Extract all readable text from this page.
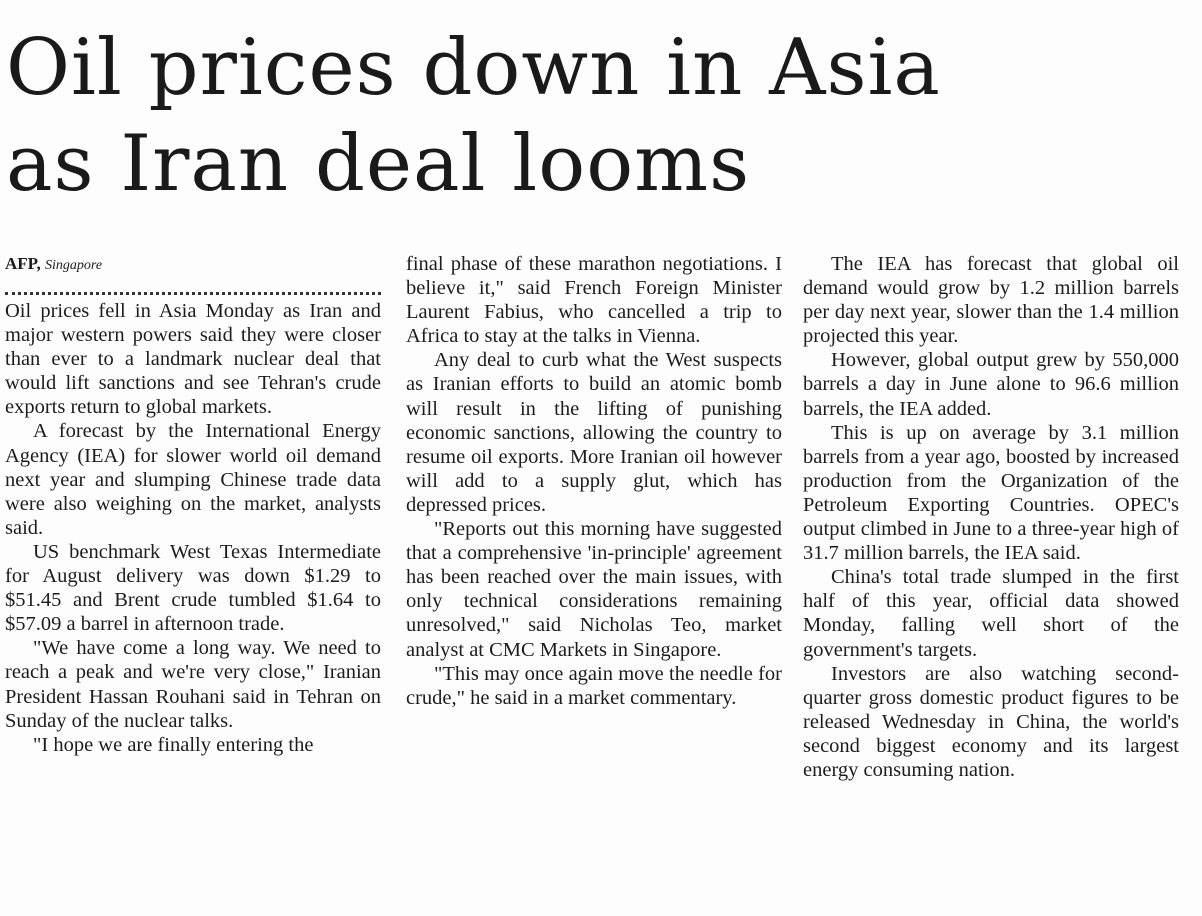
Oil prices down in Asia
as Iran deal looms
AFP, Singapore

Oil prices fell in Asia Monday as Iran and major western powers said they were closer than ever to a landmark nuclear deal that would lift sanctions and see Tehran's crude exports return to global markets.

A forecast by the International Energy Agency (IEA) for slower world oil demand next year and slumping Chinese trade data were also weighing on the market, analysts said.

US benchmark West Texas Intermediate for August delivery was down $1.29 to $51.45 and Brent crude tumbled $1.64 to $57.09 a barrel in afternoon trade.

"We have come a long way. We need to reach a peak and we're very close," Iranian President Hassan Rouhani said in Tehran on Sunday of the nuclear talks.

"I hope we are finally entering the

final phase of these marathon negotiations. I believe it," said French Foreign Minister Laurent Fabius, who cancelled a trip to Africa to stay at the talks in Vienna.

Any deal to curb what the West suspects as Iranian efforts to build an atomic bomb will result in the lifting of punishing economic sanctions, allowing the country to resume oil exports. More Iranian oil however will add to a supply glut, which has depressed prices.

"Reports out this morning have suggested that a comprehensive 'in-principle' agreement has been reached over the main issues, with only technical considerations remaining unresolved," said Nicholas Teo, market analyst at CMC Markets in Singapore.

"This may once again move the needle for crude," he said in a market commentary.

The IEA has forecast that global oil demand would grow by 1.2 million barrels per day next year, slower than the 1.4 million projected this year.

However, global output grew by 550,000 barrels a day in June alone to 96.6 million barrels, the IEA added.

This is up on average by 3.1 million barrels from a year ago, boosted by increased production from the Organization of the Petroleum Exporting Countries. OPEC's output climbed in June to a three-year high of 31.7 million barrels, the IEA said.

China's total trade slumped in the first half of this year, official data showed Monday, falling well short of the government's targets.

Investors are also watching second-quarter gross domestic product figures to be released Wednesday in China, the world's second biggest economy and its largest energy consuming nation.
